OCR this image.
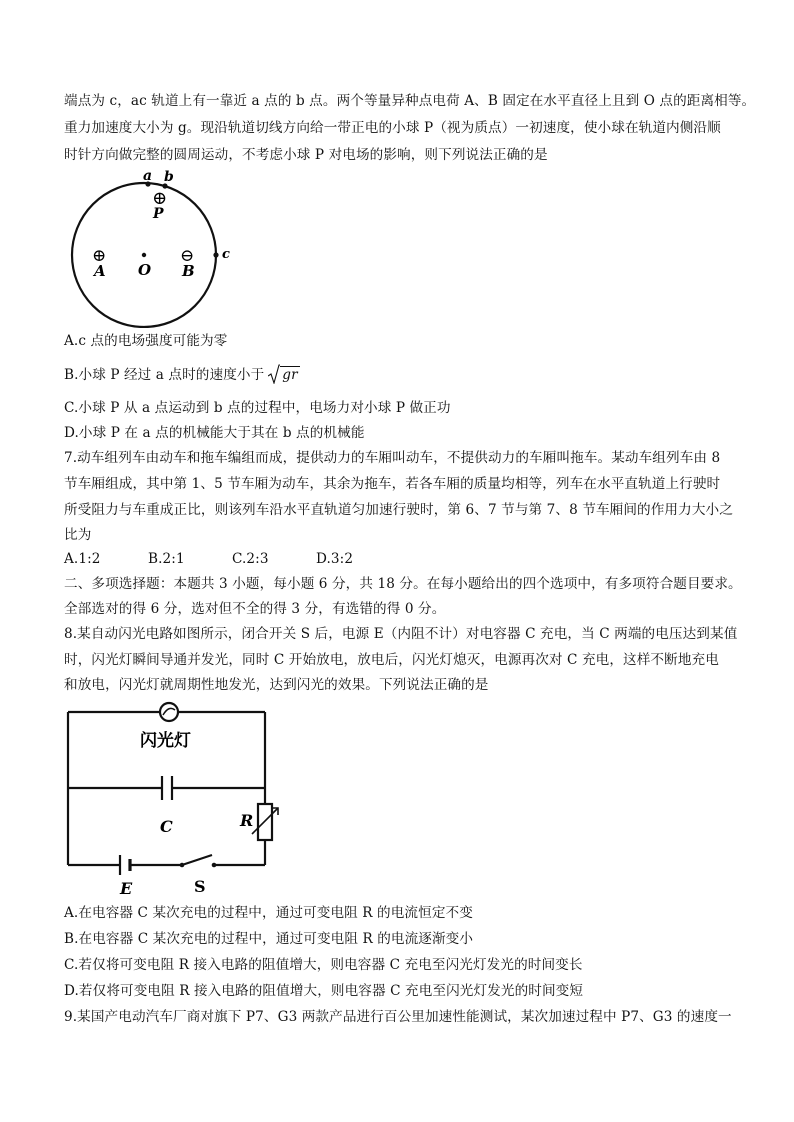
端点为 c，ac 轨道上有一靠近 a 点的 b 点。两个等量异种点电荷 A、B 固定在水平直径上且到 O 点的距离相等。
重力加速度大小为 g。现沿轨道切线方向给一带正电的小球 P（视为质点）一初速度，使小球在轨道内侧沿顺
时针方向做完整的圆周运动，不考虑小球 P 对电场的影响，则下列说法正确的是
a b
⊕
P
c
⊕
A O
⊖
B
A.c 点的电场强度可能为零
B.小球 P 经过 a 点时的速度小于 gr
C.小球 P 从 a 点运动到 b 点的过程中，电场力对小球 P 做正功
D.小球 P 在 a 点的机械能大于其在 b 点的机械能
7.动车组列车由动车和拖车编组而成，提供动力的车厢叫动车，不提供动力的车厢叫拖车。某动车组列车由 8
节车厢组成，其中第 1、5 节车厢为动车，其余为拖车，若各车厢的质量均相等，列车在水平直轨道上行驶时
所受阻力与车重成正比，则该列车沿水平直轨道匀加速行驶时，第 6、7 节与第 7、8 节车厢间的作用力大小之
比为
A.1:2	B.2:1	C.2:3	D.3:2
二、多项选择题：本题共 3 小题，每小题 6 分，共 18 分。在每小题给出的四个选项中，有多项符合题目要求。
全部选对的得 6 分，选对但不全的得 3 分，有选错的得 0 分。
8.某自动闪光电路如图所示，闭合开关 S 后，电源 E（内阻不计）对电容器 C 充电，当 C 两端的电压达到某值
时，闪光灯瞬间导通并发光，同时 C 开始放电，放电后，闪光灯熄灭，电源再次对 C 充电，这样不断地充电
和放电，闪光灯就周期性地发光，达到闪光的效果。下列说法正确的是
闪光灯
C	R
E	S
A.在电容器 C 某次充电的过程中，通过可变电阻 R 的电流恒定不变
B.在电容器 C 某次充电的过程中，通过可变电阻 R 的电流逐渐变小
C.若仅将可变电阻 R 接入电路的阻值增大，则电容器 C 充电至闪光灯发光的时间变长
D.若仅将可变电阻 R 接入电路的阻值增大，则电容器 C 充电至闪光灯发光的时间变短
9.某国产电动汽车厂商对旗下 P7、G3 两款产品进行百公里加速性能测试，某次加速过程中 P7、G3 的速度一
